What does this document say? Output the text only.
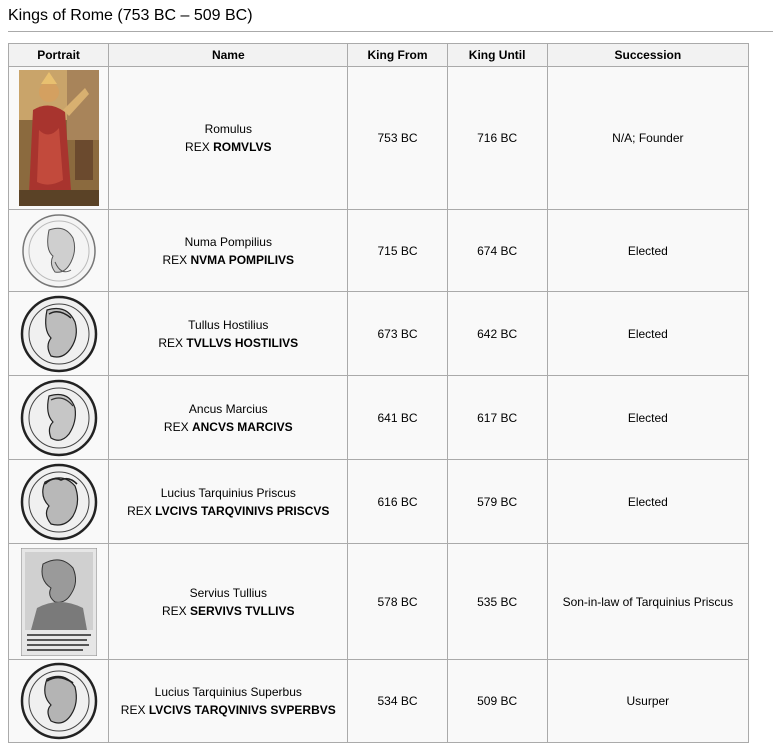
Kings of Rome (753 BC – 509 BC)
Portrait	Name	King From	King Until	Succession

Romulus
REX ROMVLVS	753 BC	716 BC	N/A; Founder

Numa Pompilius
REX NVMA POMPILIVS	715 BC	674 BC	Elected

Tullus Hostilius
REX TVLLVS HOSTILIVS	673 BC	642 BC	Elected

Ancus Marcius
REX ANCVS MARCIVS	641 BC	617 BC	Elected

Lucius Tarquinius Priscus
REX LVCIVS TARQVINIVS PRISCVS	616 BC	579 BC	Elected

Servius Tullius
REX SERVIVS TVLLIVS	578 BC	535 BC	Son-in-law of Tarquinius Priscus

Lucius Tarquinius Superbus
REX LVCIVS TARQVINIVS SVPERBVS	534 BC	509 BC	Usurper
